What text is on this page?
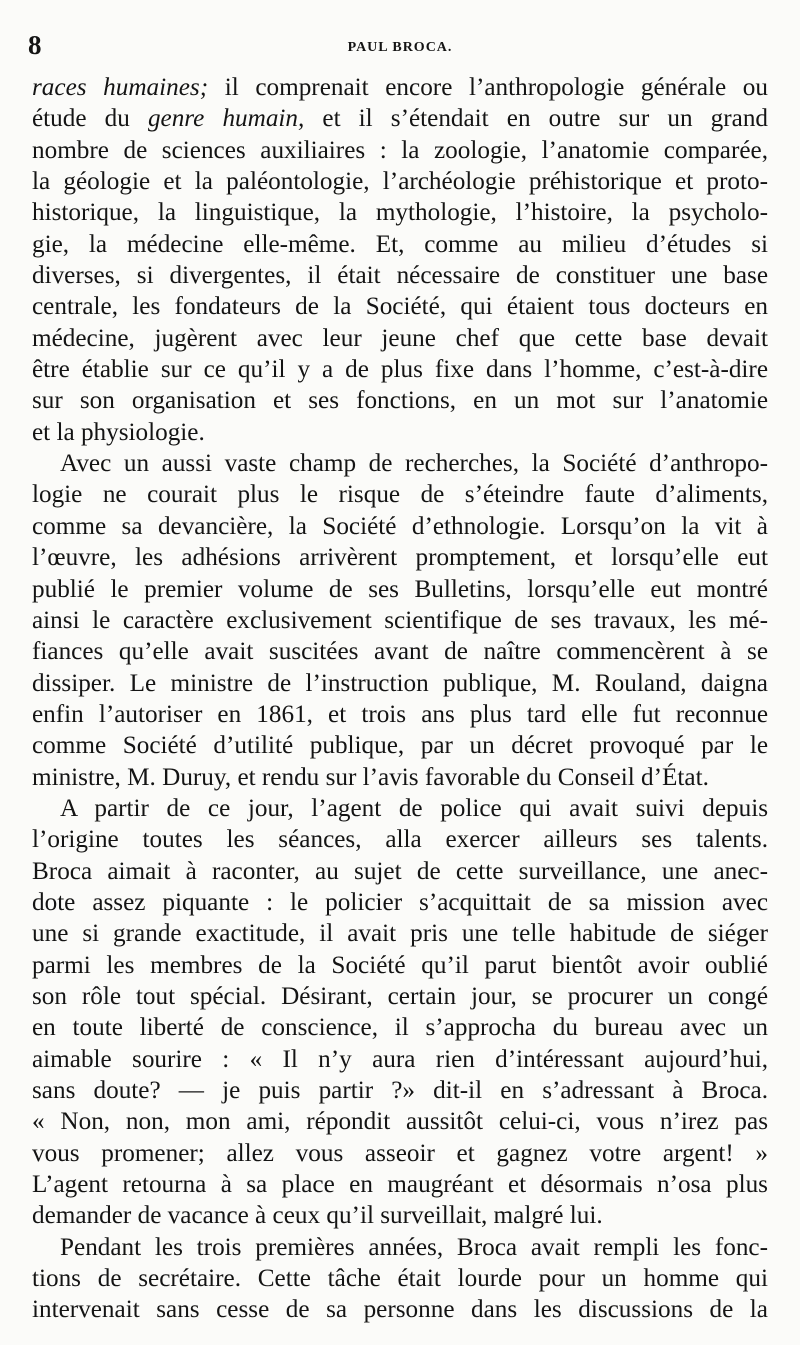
8	PAUL BROCA.
races humaines; il comprenait encore l’anthropologie générale ou
étude du genre humain, et il s’étendait en outre sur un grand
nombre de sciences auxiliaires : la zoologie, l’anatomie comparée,
la géologie et la paléontologie, l’archéologie préhistorique et proto-
historique, la linguistique, la mythologie, l’histoire, la psycholo-
gie, la médecine elle-même. Et, comme au milieu d’études si
diverses, si divergentes, il était nécessaire de constituer une base
centrale, les fondateurs de la Société, qui étaient tous docteurs en
médecine, jugèrent avec leur jeune chef que cette base devait
être établie sur ce qu’il y a de plus fixe dans l’homme, c’est-à-dire
sur son organisation et ses fonctions, en un mot sur l’anatomie
et la physiologie.
Avec un aussi vaste champ de recherches, la Société d’anthropo-
logie ne courait plus le risque de s’éteindre faute d’aliments,
comme sa devancière, la Société d’ethnologie. Lorsqu’on la vit à
l’œuvre, les adhésions arrivèrent promptement, et lorsqu’elle eut
publié le premier volume de ses Bulletins, lorsqu’elle eut montré
ainsi le caractère exclusivement scientifique de ses travaux, les mé-
fiances qu’elle avait suscitées avant de naître commencèrent à se
dissiper. Le ministre de l’instruction publique, M. Rouland, daigna
enfin l’autoriser en 1861, et trois ans plus tard elle fut reconnue
comme Société d’utilité publique, par un décret provoqué par le
ministre, M. Duruy, et rendu sur l’avis favorable du Conseil d’État.
A partir de ce jour, l’agent de police qui avait suivi depuis
l’origine toutes les séances, alla exercer ailleurs ses talents.
Broca aimait à raconter, au sujet de cette surveillance, une anec-
dote assez piquante : le policier s’acquittait de sa mission avec
une si grande exactitude, il avait pris une telle habitude de siéger
parmi les membres de la Société qu’il parut bientôt avoir oublié
son rôle tout spécial. Désirant, certain jour, se procurer un congé
en toute liberté de conscience, il s’approcha du bureau avec un
aimable sourire : « Il n’y aura rien d’intéressant aujourd’hui,
sans doute? — je puis partir ?» dit-il en s’adressant à Broca.
« Non, non, mon ami, répondit aussitôt celui-ci, vous n’irez pas
vous promener; allez vous asseoir et gagnez votre argent! »
L’agent retourna à sa place en maugréant et désormais n’osa plus
demander de vacance à ceux qu’il surveillait, malgré lui.
Pendant les trois premières années, Broca avait rempli les fonc-
tions de secrétaire. Cette tâche était lourde pour un homme qui
intervenait sans cesse de sa personne dans les discussions de la
